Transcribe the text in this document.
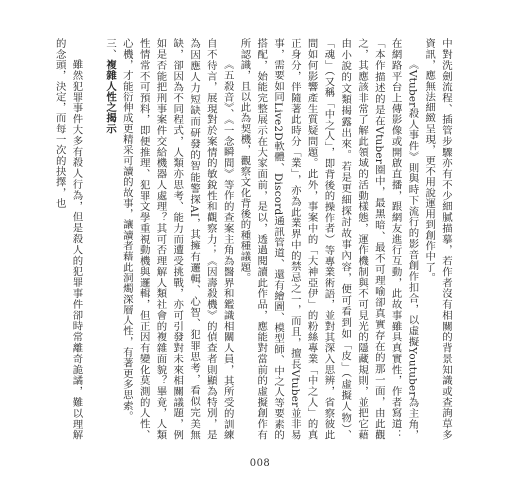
中對洗劍流程、插管步驟亦有不少細膩描摹，若作者沒有相關的背景知識或查詢草多資訊，應無法細緻呈現，更不用說運用到創作中了。

《Vtuber殺人事件》則與時下流行的影音創作扣合，以虛擬Youtuber為主角，在網路平台上傳影像或開啟直播，跟網友進行互動，此故事雖具真實性，作者寫道：「本作描述的是在Vtuber圈中，最黑暗、最不可理喻卻真實存在的那一面，由此觀之，其應該非常了解此領域的活動樣態，運作機制與不可見光的隱藏規則，並把它藉由小說的文類揭露出來。若是更細探討故事內容，便可看到如「皮」（虛擬人物）、「魂」（又稱「中之人」，即背後的操作者）等專業術語，並對其深入思辨，省察彼此間如何影響產生質疑問題。此外，事案中的「大神亞伊」的粉絲專業「中之人」的真正身分，伴隨著此時分「業」，亦為此業界中的禁忌之一，而且，擅長Vtuber並非易事，需要如同Live2D軟體、Discord通訊管道、還有繪圖、模型師、中之人等要素的搭配，始能完整展示在大家面前，是以，透過閱讀此作品，應能對當前的虛擬創作有所認識，且以此為契機，觀察文化背後的種種議題。

《五殺音》、《一念瞬間》等作的查案主角為醫界和鑑識相關人員，其所受的訓練自不待言，展現對於案情的敏銳性和觀察力；《因壽殺機》的偵查者則顯為特別，是為因應人力短缺而研發的智能警探AI，其擁有邏輯、心智、犯罪思考，看似完美無缺，卻因為不同程式，人類亦思考、能力而遭受挑戰，亦可引發對未來相關議題，例如是否能把刑事案件交給機器人處理？其可否理解人類社會的複雜面貌？畢竟，人類性情常不可預料，即便推理、犯罪文學重視動機與邏輯，但正因有變化莫測的人性、心機，才能衍伸成更精采可讀的故事，讓讀者藉此洞燭深層人性，有著更多思索。

三、複雜人性之揭示

雖然犯罪事件大多有殺人行為，但是殺人的犯罪事件卻時常離奇詭譎，難以理解的念頭，決定，而每一次的抉擇，也

008
